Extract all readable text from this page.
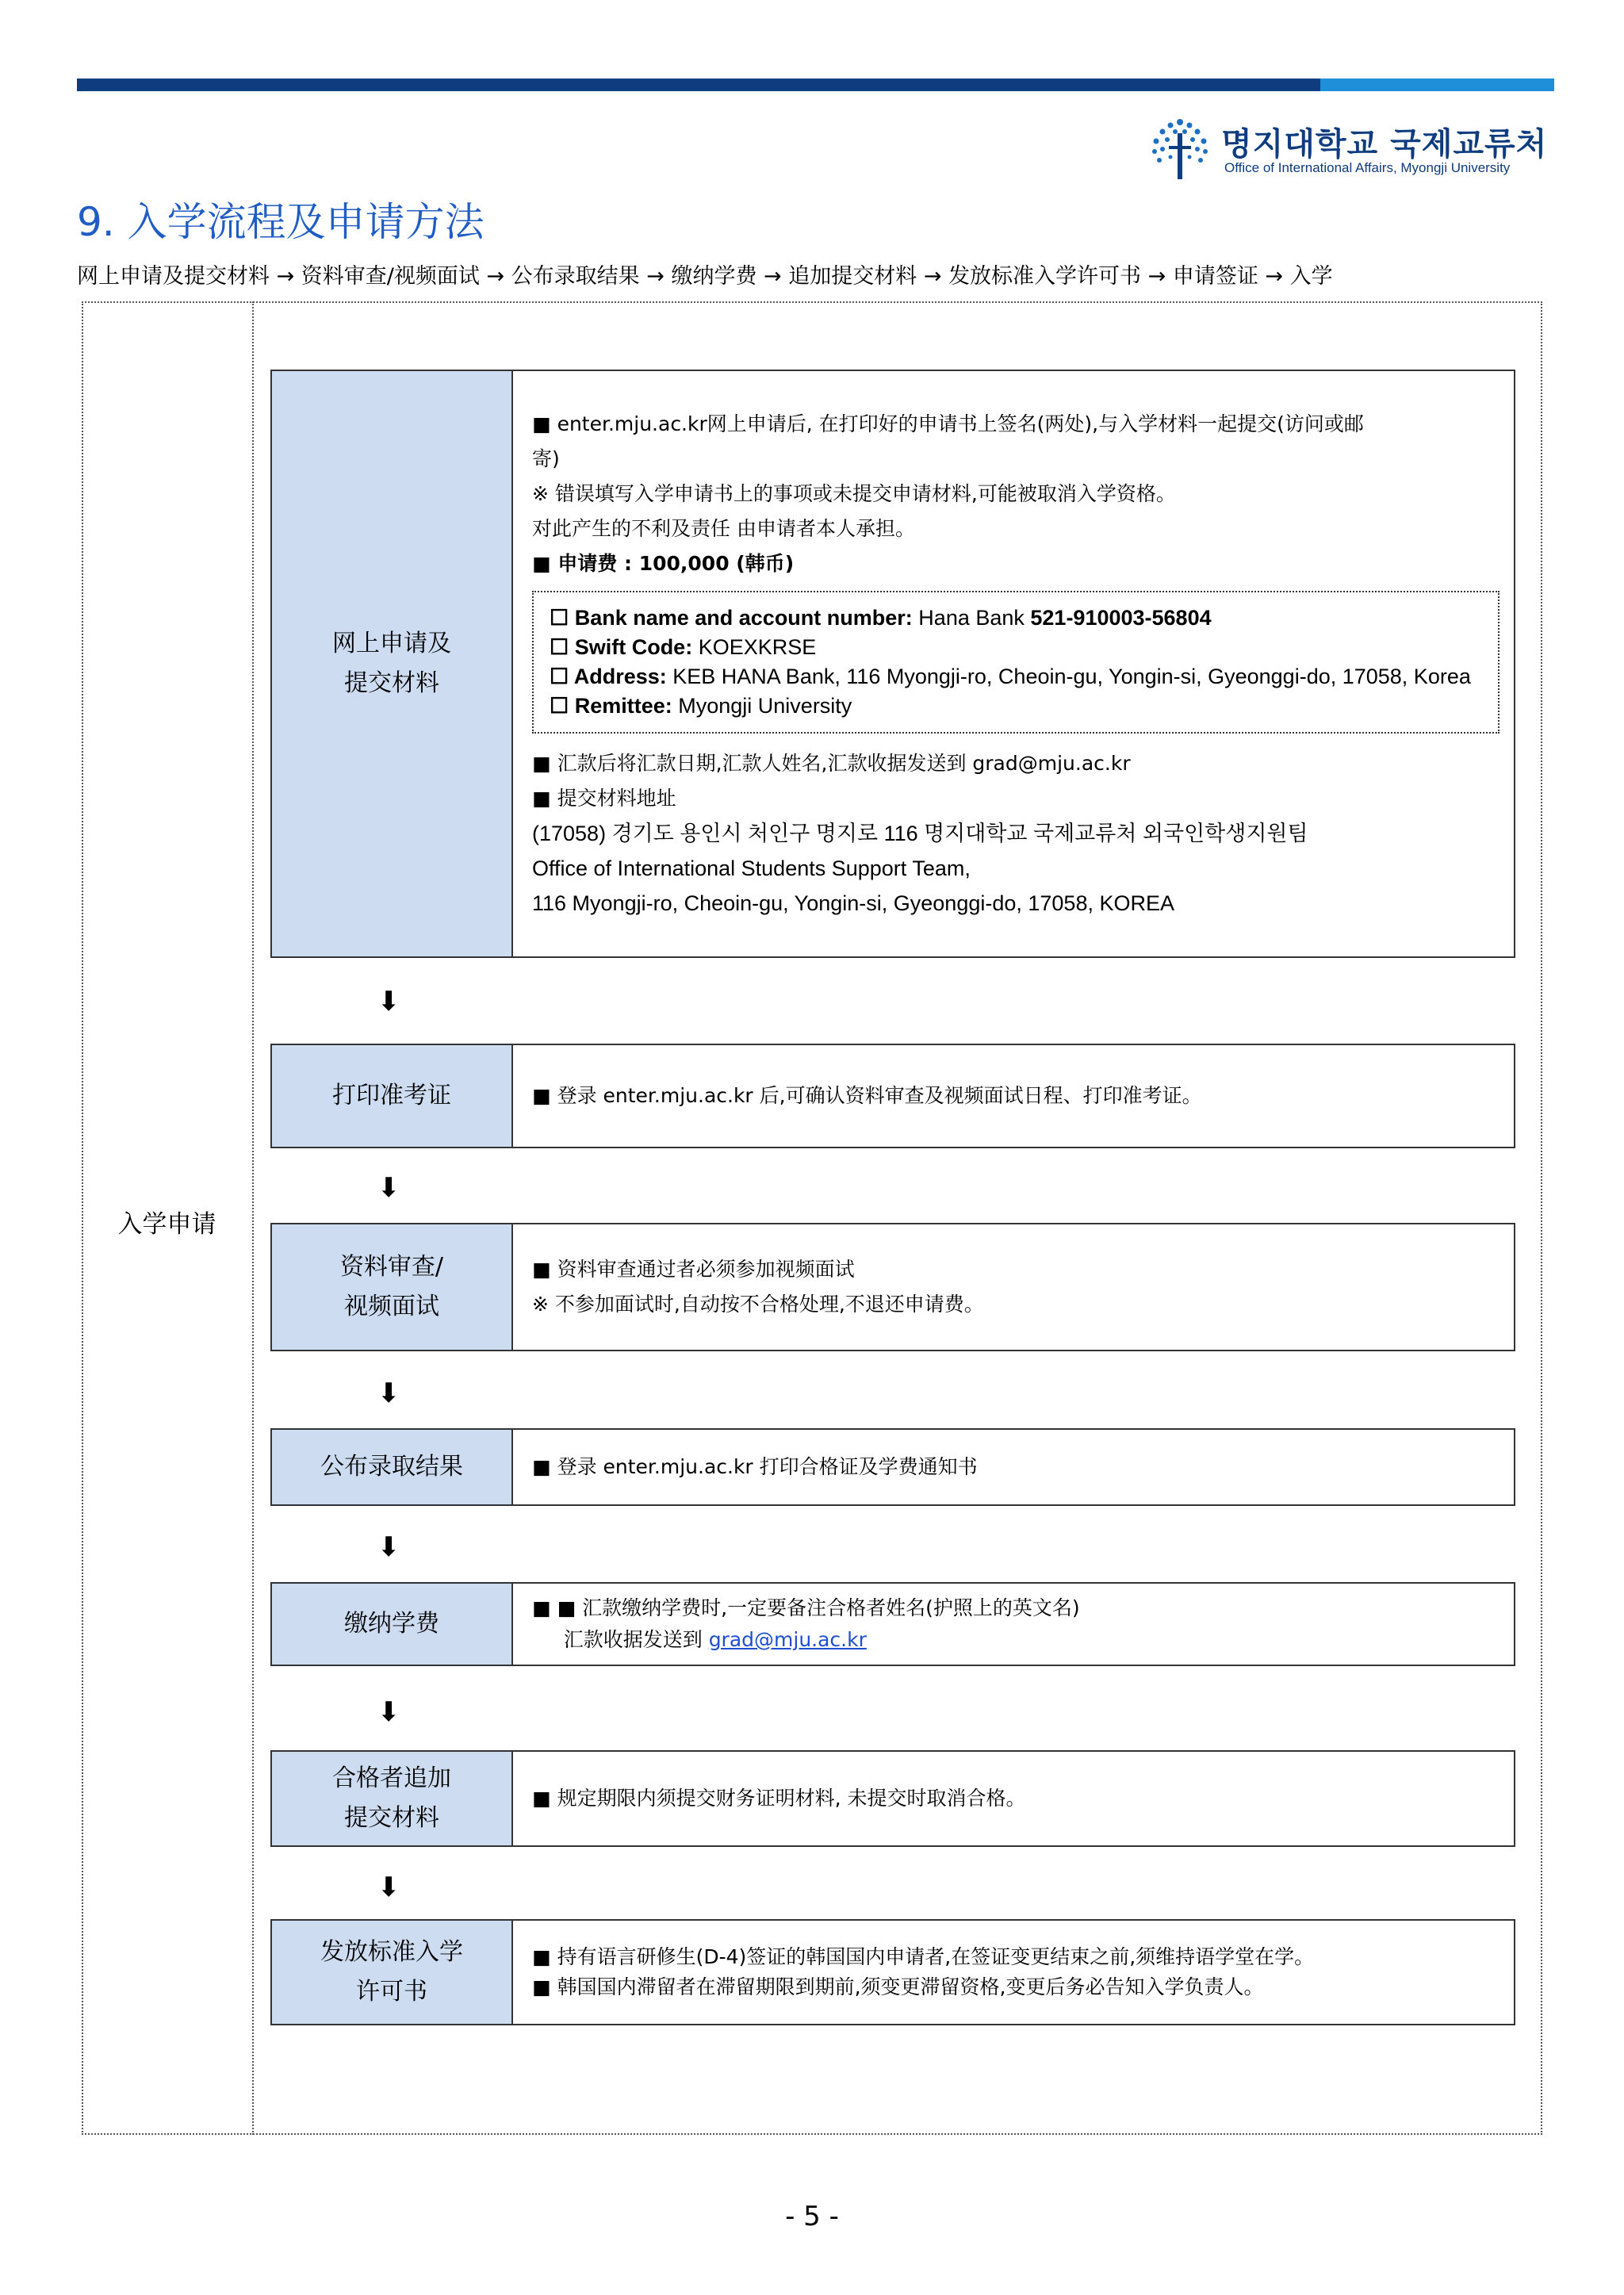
명지대학교 국제교류처
Office of International Affairs, Myongji University
9. 入学流程及申请方法
网上申请及提交材料 → 资料审查/视频面试 → 公布录取结果 → 缴纳学费 → 追加提交材料 → 发放标准入学许可书 → 申请签证 → 入学
入学申请
网上申请及
提交材料
■ enter.mju.ac.kr网上申请后, 在打印好的申请书上签名(两处),与入学材料一起提交(访问或邮
寄)
※ 错误填写入学申请书上的事项或未提交申请材料,可能被取消入学资格。
对此产生的不利及责任 由申请者本人承担。
■ 申请费 : 100,000 (韩币)
☐ Bank name and account number: Hana Bank 521-910003-56804
☐ Swift Code: KOEXKRSE
☐ Address: KEB HANA Bank, 116 Myongji-ro, Cheoin-gu, Yongin-si, Gyeonggi-do, 17058, Korea
☐ Remittee: Myongji University
■ 汇款后将汇款日期,汇款人姓名,汇款收据发送到 grad@mju.ac.kr
■ 提交材料地址
(17058) 경기도 용인시 처인구 명지로 116 명지대학교 국제교류처 외국인학생지원팀
Office of International Students Support Team,
116 Myongji-ro, Cheoin-gu, Yongin-si, Gyeonggi-do, 17058, KOREA
⬇
打印准考证	■ 登录 enter.mju.ac.kr 后,可确认资料审查及视频面试日程、打印准考证。
⬇
资料审查/
视频面试
■ 资料审查通过者必须参加视频面试
※ 不参加面试时,自动按不合格处理,不退还申请费。
⬇
公布录取结果	■ 登录 enter.mju.ac.kr 打印合格证及学费通知书
⬇
缴纳学费
■ ■ 汇款缴纳学费时,一定要备注合格者姓名(护照上的英文名)
汇款收据发送到 grad@mju.ac.kr
⬇
合格者追加
提交材料
■ 规定期限内须提交财务证明材料, 未提交时取消合格。
⬇
发放标准入学
许可书
■ 持有语言研修生(D-4)签证的韩国国内申请者,在签证变更结束之前,须维持语学堂在学。
■ 韩国国内滞留者在滞留期限到期前,须变更滞留资格,变更后务必告知入学负责人。
- 5 -
